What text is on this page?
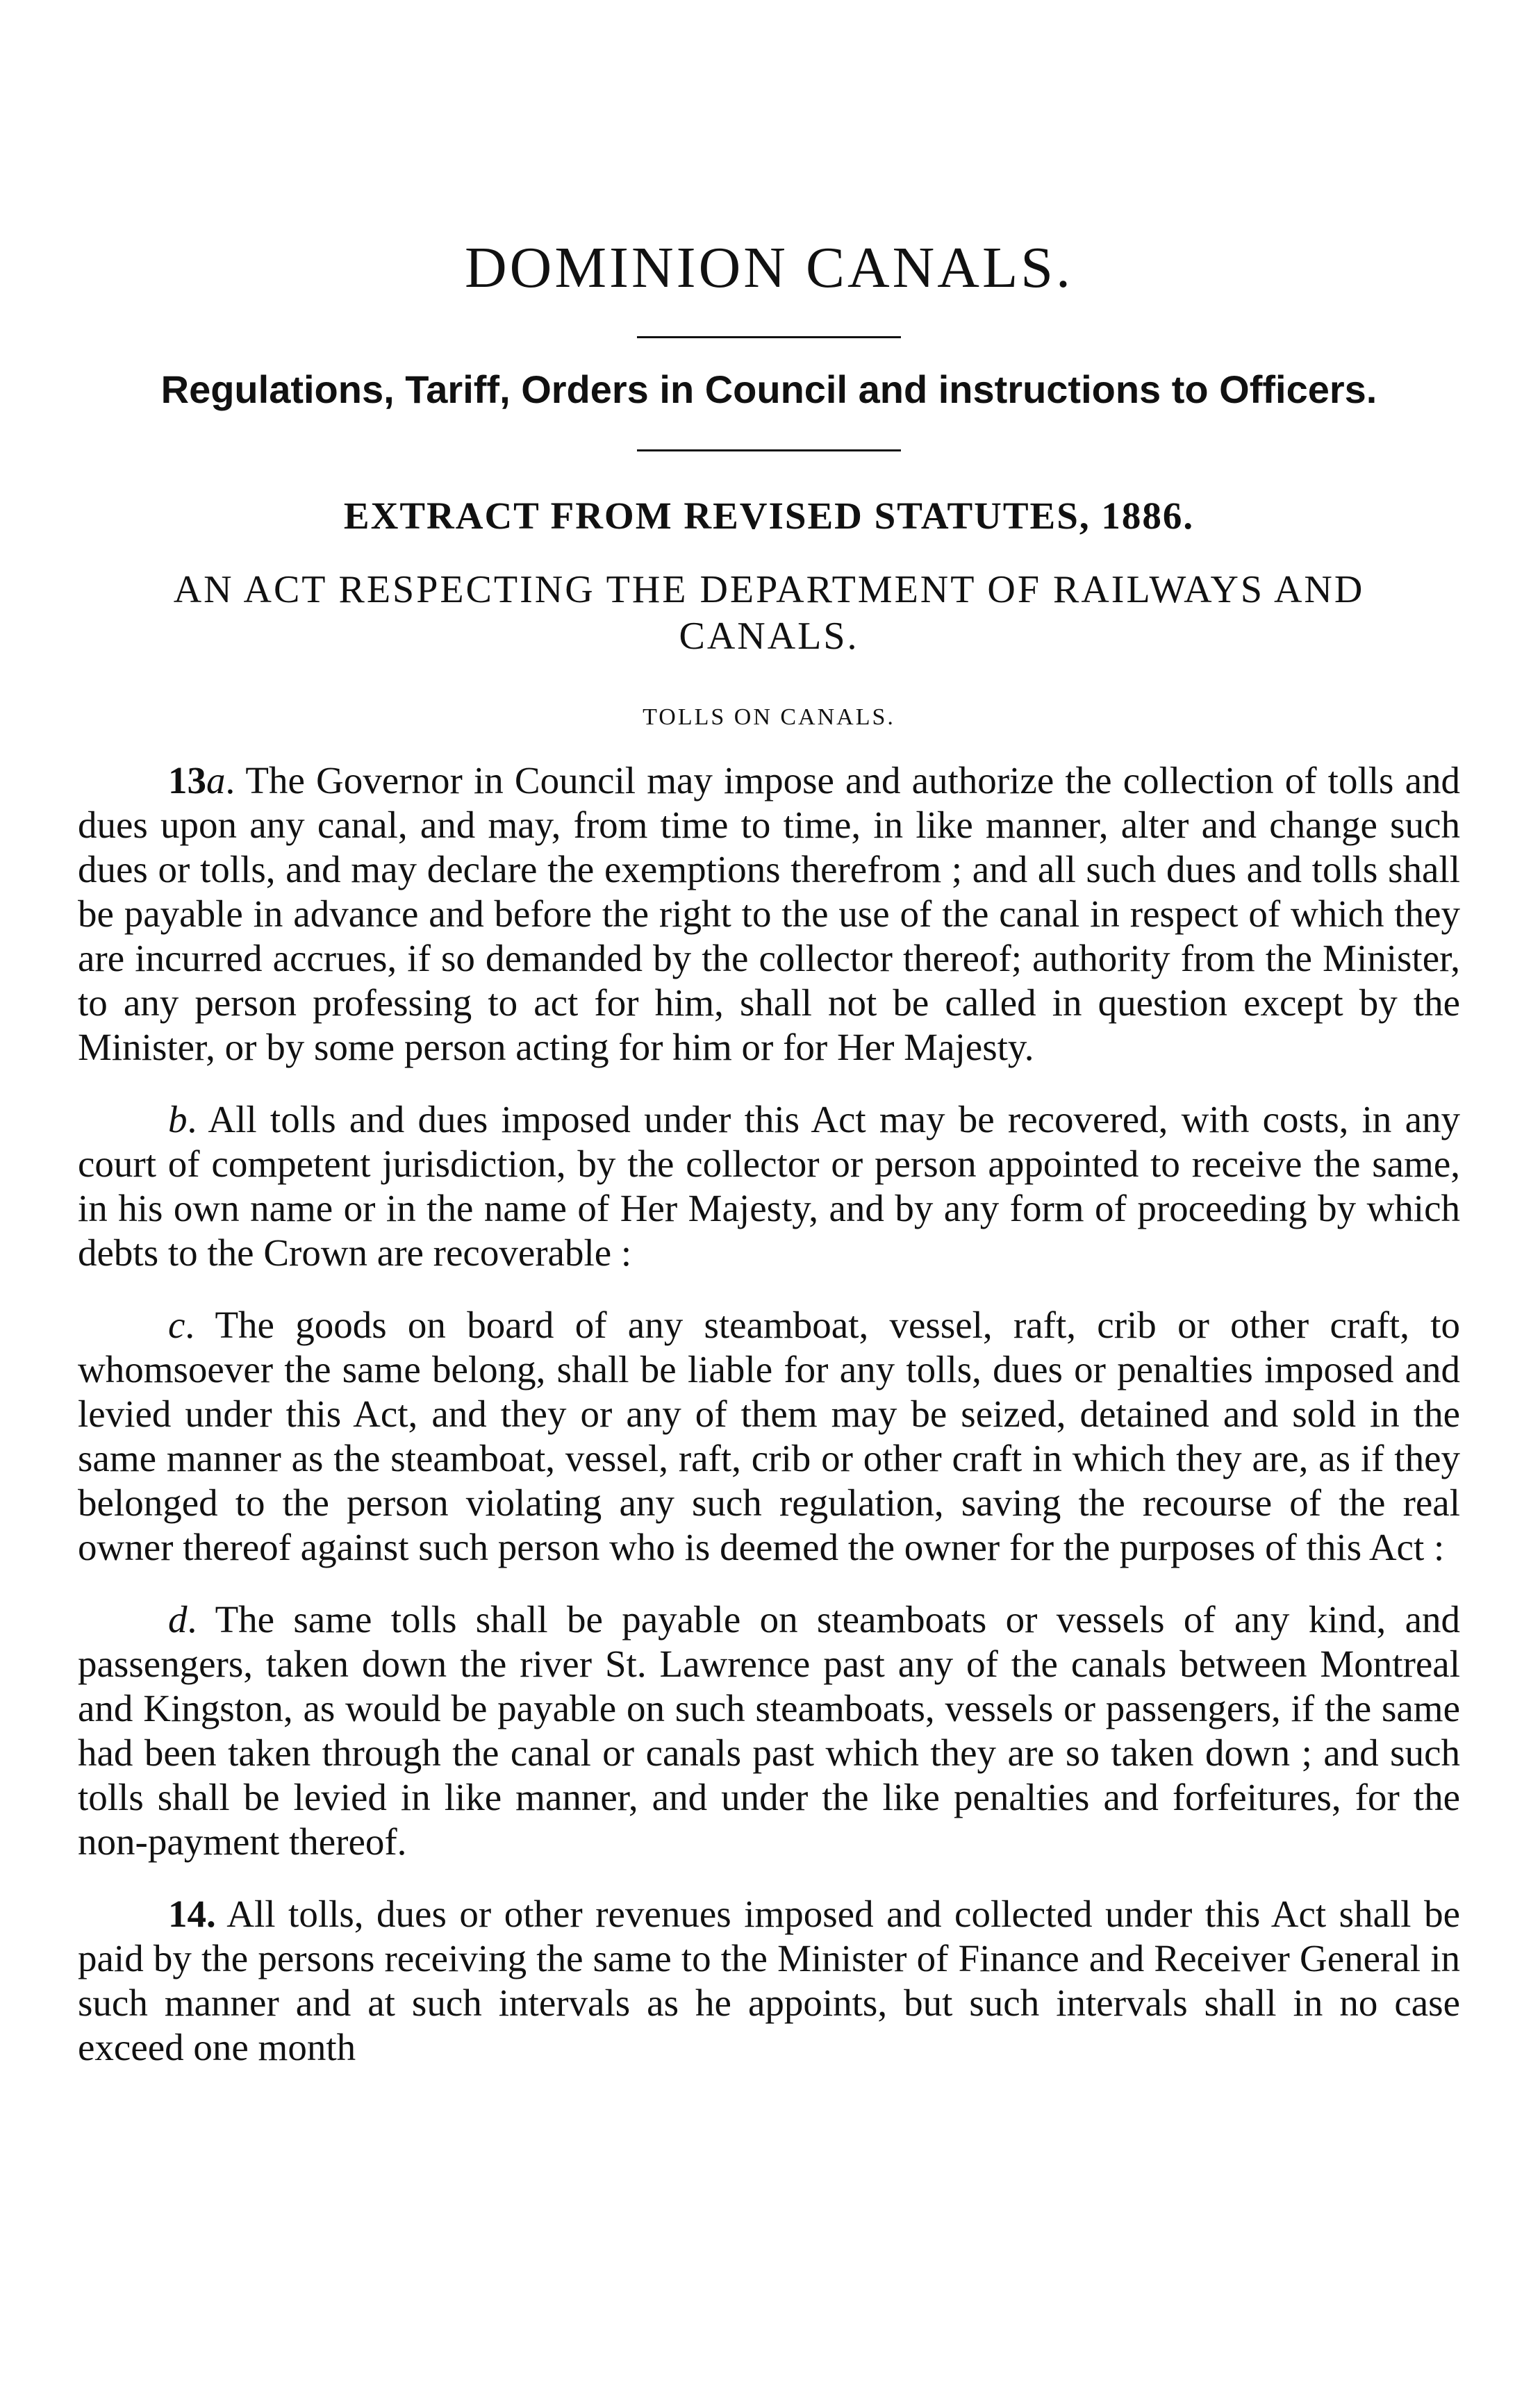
DOMINION CANALS.

Regulations, Tariff, Orders in Council and instructions to Officers.

EXTRACT FROM REVISED STATUTES, 1886.

AN ACT RESPECTING THE DEPARTMENT OF RAILWAYS AND CANALS.

TOLLS ON CANALS.

13a. The Governor in Council may impose and authorize the collection of tolls and dues upon any canal, and may, from time to time, in like manner, alter and change such dues or tolls, and may declare the exemptions therefrom ; and all such dues and tolls shall be payable in advance and before the right to the use of the canal in respect of which they are incurred accrues, if so demanded by the collector thereof; authority from the Minister, to any person professing to act for him, shall not be called in question except by the Minister, or by some person acting for him or for Her Majesty.

b. All tolls and dues imposed under this Act may be recovered, with costs, in any court of competent jurisdiction, by the collector or person appointed to receive the same, in his own name or in the name of Her Majesty, and by any form of proceeding by which debts to the Crown are recoverable :

c. The goods on board of any steamboat, vessel, raft, crib or other craft, to whomsoever the same belong, shall be liable for any tolls, dues or penalties imposed and levied under this Act, and they or any of them may be seized, detained and sold in the same manner as the steamboat, vessel, raft, crib or other craft in which they are, as if they belonged to the person violating any such regulation, saving the recourse of the real owner thereof against such person who is deemed the owner for the purposes of this Act :

d. The same tolls shall be payable on steamboats or vessels of any kind, and passengers, taken down the river St. Lawrence past any of the canals between Montreal and Kingston, as would be payable on such steamboats, vessels or passengers, if the same had been taken through the canal or canals past which they are so taken down ; and such tolls shall be levied in like manner, and under the like penalties and forfeitures, for the non-payment thereof.

14. All tolls, dues or other revenues imposed and collected under this Act shall be paid by the persons receiving the same to the Minister of Finance and Receiver General in such manner and at such intervals as he appoints, but such intervals shall in no case exceed one month
